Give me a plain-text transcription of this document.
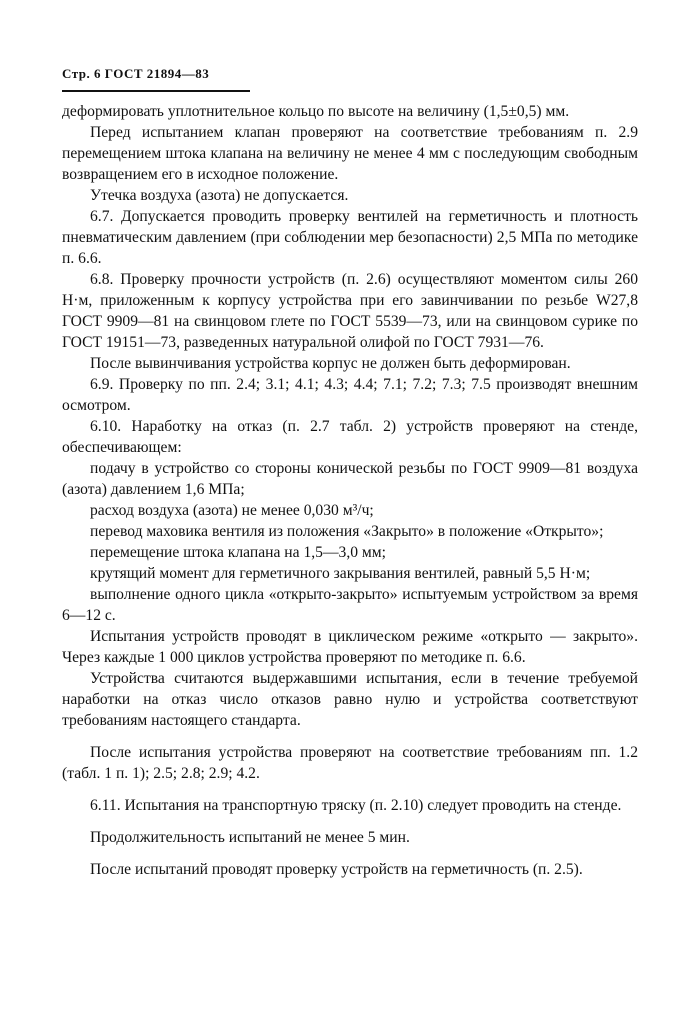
Стр. 6 ГОСТ 21894—83

деформировать уплотнительное кольцо по высоте на величину (1,5±0,5) мм.

Перед испытанием клапан проверяют на соответствие требованиям п. 2.9 перемещением штока клапана на величину не менее 4 мм с последующим свободным возвращением его в исходное положение.

Утечка воздуха (азота) не допускается.

6.7. Допускается проводить проверку вентилей на герметичность и плотность пневматическим давлением (при соблюдении мер безопасности) 2,5 МПа по методике п. 6.6.

6.8. Проверку прочности устройств (п. 2.6) осуществляют моментом силы 260 Н·м, приложенным к корпусу устройства при его завинчивании по резьбе W27,8 ГОСТ 9909—81 на свинцовом глете по ГОСТ 5539—73, или на свинцовом сурике по ГОСТ 19151—73, разведенных натуральной олифой по ГОСТ 7931—76.

После вывинчивания устройства корпус не должен быть деформирован.

6.9. Проверку по пп. 2.4; 3.1; 4.1; 4.3; 4.4; 7.1; 7.2; 7.3; 7.5 производят внешним осмотром.

6.10. Наработку на отказ (п. 2.7 табл. 2) устройств проверяют на стенде, обеспечивающем:

подачу в устройство со стороны конической резьбы по ГОСТ 9909—81 воздуха (азота) давлением 1,6 МПа;

расход воздуха (азота) не менее 0,030 м³/ч;

перевод маховика вентиля из положения «Закрыто» в положение «Открыто»;

перемещение штока клапана на 1,5—3,0 мм;

крутящий момент для герметичного закрывания вентилей, равный 5,5 Н·м;

выполнение одного цикла «открыто-закрыто» испытуемым устройством за время 6—12 с.

Испытания устройств проводят в циклическом режиме «открыто — закрыто». Через каждые 1 000 циклов устройства проверяют по методике п. 6.6.

Устройства считаются выдержавшими испытания, если в течение требуемой наработки на отказ число отказов равно нулю и устройства соответствуют требованиям настоящего стандарта.

После испытания устройства проверяют на соответствие требованиям пп. 1.2 (табл. 1 п. 1); 2.5; 2.8; 2.9; 4.2.

6.11. Испытания на транспортную тряску (п. 2.10) следует проводить на стенде.

Продолжительность испытаний не менее 5 мин.

После испытаний проводят проверку устройств на герметичность (п. 2.5).
